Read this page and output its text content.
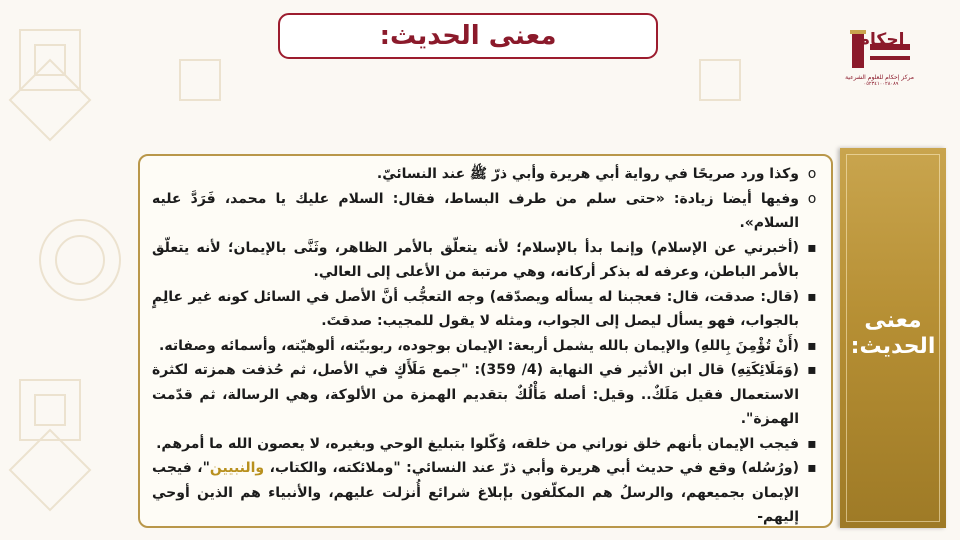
معنى الحديث:	إحكام
مركز إحكام للعلوم الشرعية
٠٥٢٣٤١٠٠٢٨٠٨٩
معنى
الحديث:
o
وكذا ورد صريحًا في رواية أبي هريرة وأبي ذرّ ﷺ عند النسائيّ.
o
وفيها أيضا زيادة: «حتى سلم من طرف البساط، فقال: السلام عليك يا محمد، فَرَدَّ عليه السلام».
▪
(أخبرني عن الإسلام) وإنما بدأ بالإسلام؛ لأنه يتعلّق بالأمر الظاهر، وثَنَّى بالإيمان؛ لأنه يتعلّق بالأمر الباطن، وعرفه له بذكر أركانه، وهي مرتبة من الأعلى إلى العالي.
▪
(قال: صدقت، قال: فعجبنا له يسأله ويصدّقه) وجه التعجُّب أنَّ الأصل في السائل كونه غير عالِمٍ بالجواب، فهو يسأل ليصل إلى الجواب، ومثله لا يقول للمجيب: صدقتَ.
▪
(أَنْ تُؤْمِنَ بِاللهِ) والإيمان بالله يشمل أربعة: الإيمان بوجوده، ربوبيّته، ألوهيّته، وأسمائه وصفاته.
▪
(وَمَلَائِكَتِهِ) قال ابن الأثير في النهاية (4/ 359): "جمع مَلَأَكٍ في الأصل، ثم حُذفت همزته لكثرة الاستعمال فقيل مَلَكٌ.. وقيل: أصله مَأْلُكٌ بتقديم الهمزة من الألوكة، وهي الرسالة، ثم قدّمت الهمزة".
▪
فيجب الإيمان بأنهم خلق نوراني من خلقه، وُكّلوا بتبليغ الوحي وبغيره، لا يعصون الله ما أمرهم.
▪
(ورُسُله) وقع في حديث أبي هريرة وأبي ذرّ عند النسائي: "وملائكته، والكتاب، والنبيين"، فيجب الإيمان بجميعهم، والرسلُ هم المكلّفون بإبلاغ شرائع أُنزلت عليهم، والأنبياء هم الذين أوحي إليهم-
